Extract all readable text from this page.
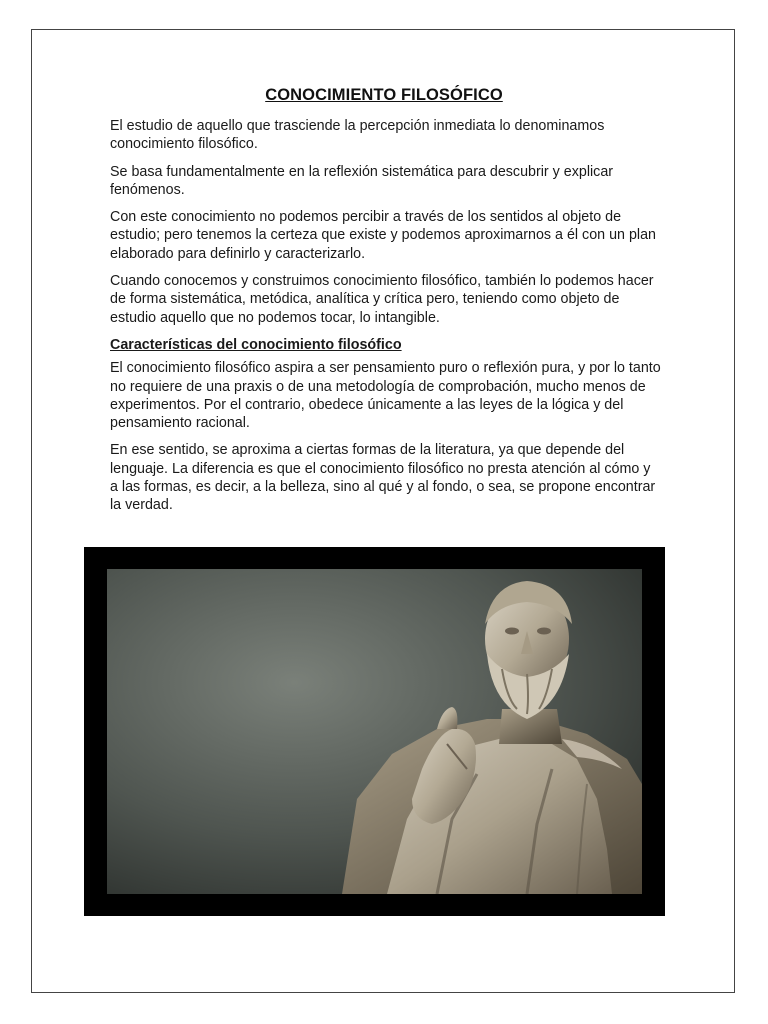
CONOCIMIENTO FILOSÓFICO

El estudio de aquello que trasciende la percepción inmediata lo denominamos conocimiento filosófico.

Se basa fundamentalmente en la reflexión sistemática para descubrir y explicar fenómenos.

Con este conocimiento no podemos percibir a través de los sentidos al objeto de estudio; pero tenemos la certeza que existe y podemos aproximarnos a él con un plan elaborado para definirlo y caracterizarlo.

Cuando conocemos y construimos conocimiento filosófico, también lo podemos hacer de forma sistemática, metódica, analítica y crítica pero, teniendo como objeto de estudio aquello que no podemos tocar, lo intangible.

Características del conocimiento filosófico

El conocimiento filosófico aspira a ser pensamiento puro o reflexión pura, y por lo tanto no requiere de una praxis o de una metodología de comprobación, mucho menos de experimentos. Por el contrario, obedece únicamente a las leyes de la lógica y del pensamiento racional.

En ese sentido, se aproxima a ciertas formas de la literatura, ya que depende del lenguaje. La diferencia es que el conocimiento filosófico no presta atención al cómo y a las formas, es decir, a la belleza, sino al qué y al fondo, o sea, se propone encontrar la verdad.
